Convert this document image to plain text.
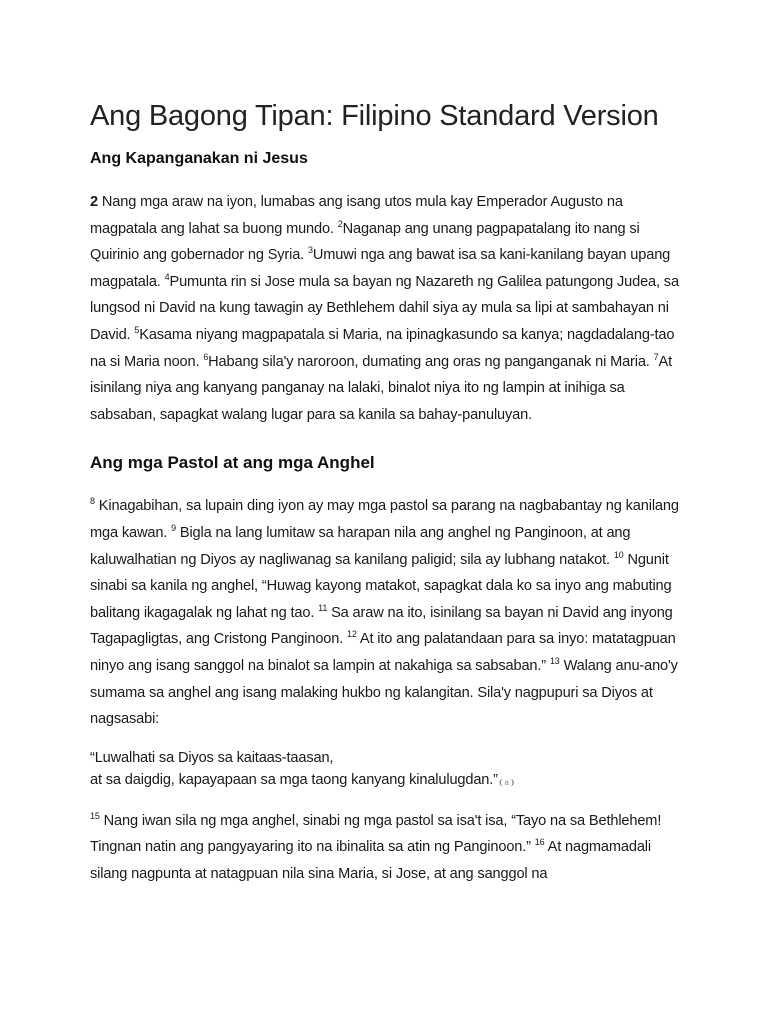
Ang Bagong Tipan: Filipino Standard Version
Ang Kapanganakan ni Jesus

2 Nang mga araw na iyon, lumabas ang isang utos mula kay Emperador Augusto na magpatala ang lahat sa buong mundo. $^2$Naganap ang unang pagpapatalang ito nang si Quirinio ang gobernador ng Syria. $^3$Umuwi nga ang bawat isa sa kani-kanilang bayan upang magpatala. $^4$Pumunta rin si Jose mula sa bayan ng Nazareth ng Galilea patungong Judea, sa lungsod ni David na kung tawagin ay Bethlehem dahil siya ay mula sa lipi at sambahayan ni David. $^5$Kasama niyang magpapatala si Maria, na ipinagkasundo sa kanya; nagdadalang-tao na si Maria noon. $^6$Habang sila'y naroroon, dumating ang oras ng panganganak ni Maria. $^7$At isinilang niya ang kanyang panganay na lalaki, binalot niya ito ng lampin at inihiga sa sabsaban, sapagkat walang lugar para sa kanila sa bahay-panuluyan.

Ang mga Pastol at ang mga Anghel

$^8$ Kinagabihan, sa lupain ding iyon ay may mga pastol sa parang na nagbabantay ng kanilang mga kawan. $^9$ Bigla na lang lumitaw sa harapan nila ang anghel ng Panginoon, at ang kaluwalhatian ng Diyos ay nagliwanag sa kanilang paligid; sila ay lubhang natakot. $^{10}$ Ngunit sinabi sa kanila ng anghel, “Huwag kayong matakot, sapagkat dala ko sa inyo ang mabuting balitang ikagagalak ng lahat ng tao. $^{11}$ Sa araw na ito, isinilang sa bayan ni David ang inyong Tagapagligtas, ang Cristong Panginoon. $^{12}$ At ito ang palatandaan para sa inyo: matatagpuan ninyo ang isang sanggol na binalot sa lampin at nakahiga sa sabsaban.” $^{13}$ Walang anu-ano'y sumama sa anghel ang isang malaking hukbo ng kalangitan. Sila'y nagpupuri sa Diyos at nagsasabi:

“Luwalhati sa Diyos sa kaitaas-taasan,
at sa daigdig, kapayapaan sa mga taong kanyang kinalulugdan.”❨a❩

$^{15}$ Nang iwan sila ng mga anghel, sinabi ng mga pastol sa isa't isa, “Tayo na sa Bethlehem! Tingnan natin ang pangyayaring ito na ibinalita sa atin ng Panginoon.” $^{16}$ At nagmamadali silang nagpunta at natagpuan nila sina Maria, si Jose, at ang sanggol na
